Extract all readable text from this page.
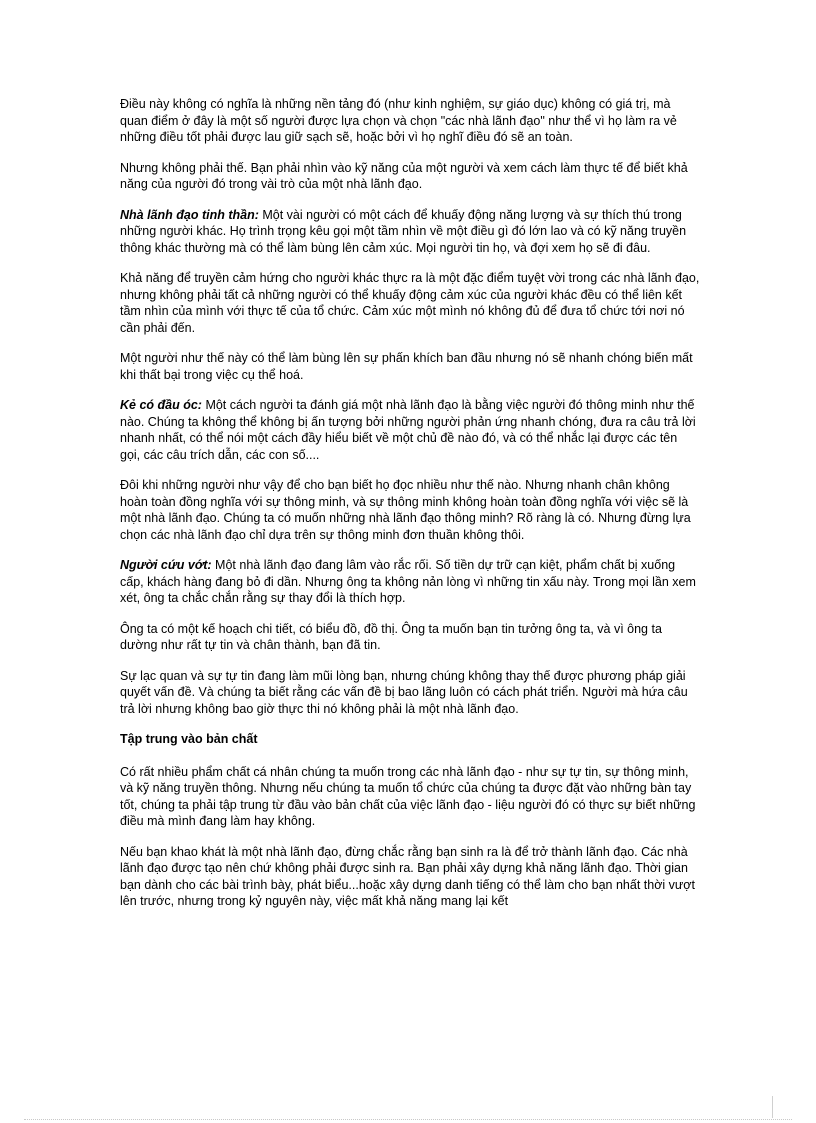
Điều này không có nghĩa là những nền tảng đó (như kinh nghiệm, sự giáo dục) không có giá trị, mà quan điểm ở đây là một số người được lựa chọn và chọn "các nhà lãnh đạo" như thể vì họ làm ra vẻ những điều tốt phải được lau giữ sạch sẽ, hoặc bởi vì họ nghĩ điều đó sẽ an toàn.

Nhưng không phải thế. Bạn phải nhìn vào kỹ năng của một người và xem cách làm thực tế để biết khả năng của người đó trong vài trò của một nhà lãnh đạo.

Nhà lãnh đạo tinh thần: Một vài người có một cách để khuấy động năng lượng và sự thích thú trong những người khác. Họ trình trọng kêu gọi một tầm nhìn về một điều gì đó lớn lao và có kỹ năng truyền thông khác thường mà có thể làm bùng lên cảm xúc. Mọi người tin họ, và đợi xem họ sẽ đi đâu.

Khả năng để truyền cảm hứng cho người khác thực ra là một đặc điểm tuyệt vời trong các nhà lãnh đạo, nhưng không phải tất cả những người có thể khuấy động cảm xúc của người khác đều có thể liên kết tầm nhìn của mình với thực tế của tổ chức. Cảm xúc một mình nó không đủ để đưa tổ chức tới nơi nó cần phải đến.

Một người như thế này có thể làm bùng lên sự phấn khích ban đầu nhưng nó sẽ nhanh chóng biến mất khi thất bại trong việc cụ thể hoá.

Kẻ có đầu óc: Một cách người ta đánh giá một nhà lãnh đạo là bằng việc người đó thông minh như thế nào. Chúng ta không thể không bị ấn tượng bởi những người phản ứng nhanh chóng, đưa ra câu trả lời nhanh nhất, có thể nói một cách đầy hiểu biết về một chủ đề nào đó, và có thể nhắc lại được các tên gọi, các câu trích dẫn, các con số....

Đôi khi những người như vậy để cho bạn biết họ đọc nhiều như thế nào. Nhưng nhanh chân không hoàn toàn đồng nghĩa với sự thông minh, và sự thông minh không hoàn toàn đồng nghĩa với việc sẽ là một nhà lãnh đạo. Chúng ta có muốn những nhà lãnh đạo thông minh? Rõ ràng là có. Nhưng đừng lựa chọn các nhà lãnh đạo chỉ dựa trên sự thông minh đơn thuần không thôi.

Người cứu vớt: Một nhà lãnh đạo đang lâm vào rắc rối. Số tiền dự trữ cạn kiệt, phẩm chất bị xuống cấp, khách hàng đang bỏ đi dần. Nhưng ông ta không nản lòng vì những tin xấu này. Trong mọi lần xem xét, ông ta chắc chắn rằng sự thay đổi là thích hợp.

Ông ta có một kế hoạch chi tiết, có biểu đồ, đồ thị. Ông ta muốn bạn tin tưởng ông ta, và vì ông ta dường như rất tự tin và chân thành, bạn đã tin.

Sự lạc quan và sự tự tin đang làm mũi lòng bạn, nhưng chúng không thay thế được phương pháp giải quyết vấn đề. Và chúng ta biết rằng các vấn đề bị bao lãng luôn có cách phát triển. Người mà hứa câu trả lời nhưng không bao giờ thực thi nó không phải là một nhà lãnh đạo.

Tập trung vào bản chất

Có rất nhiều phẩm chất cá nhân chúng ta muốn trong các nhà lãnh đạo - như sự tự tin, sự thông minh, và kỹ năng truyền thông. Nhưng nếu chúng ta muốn tổ chức của chúng ta được đặt vào những bàn tay tốt, chúng ta phải tập trung từ đầu vào bản chất của việc lãnh đạo - liệu người đó có thực sự biết những điều mà mình đang làm hay không.

Nếu bạn khao khát là một nhà lãnh đạo, đừng chắc rằng bạn sinh ra là để trở thành lãnh đạo. Các nhà lãnh đạo được tạo nên chứ không phải được sinh ra. Bạn phải xây dựng khả năng lãnh đạo. Thời gian bạn dành cho các bài trình bày, phát biểu...hoặc xây dựng danh tiếng có thể làm cho bạn nhất thời vượt lên trước, nhưng trong kỷ nguyên này, việc mất khả năng mang lại kết
